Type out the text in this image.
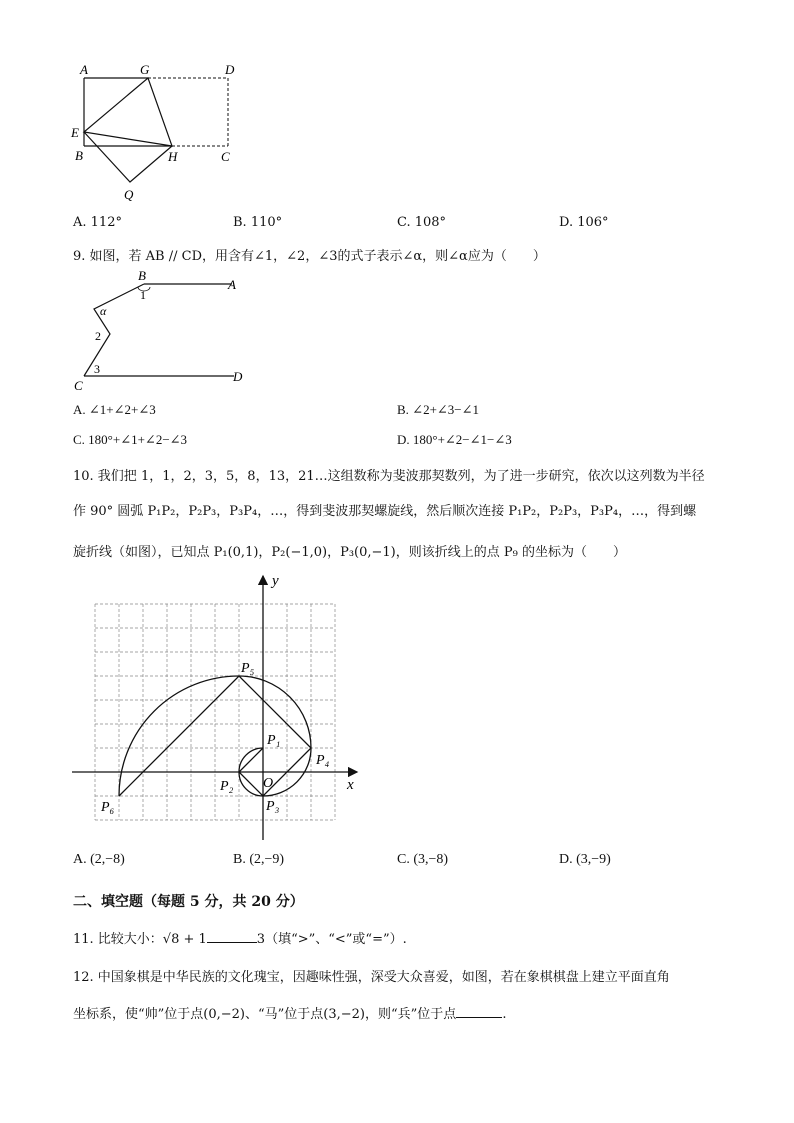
A	G	D
E
B	H	C
Q
A. 112°	B. 110°	C. 108°	D. 106°
9. 如图，若 AB // CD，用含有∠1，∠2，∠3的式子表示∠α，则∠α应为（　　）
B
A
1
α
2
3
C
D
A. ∠1+∠2+∠3	B. ∠2+∠3−∠1
C. 180°+∠1+∠2−∠3	D. 180°+∠2−∠1−∠3
10. 我们把 1，1，2，3，5，8，13，21…这组数称为斐波那契数列，为了进一步研究，依次以这列数为半径
作 90° 圆弧 P₁P₂，P₂P₃，P₃P₄，…，得到斐波那契螺旋线，然后顺次连接 P₁P₂，P₂P₃，P₃P₄，…，得到螺
旋折线（如图），已知点 P₁(0,1)，P₂(−1,0)，P₃(0,−1)，则该折线上的点 P₉ 的坐标为（　　）
x
y
O
P₁
P₂
P₃
P₄
P₅
P₆
A. (2,−8)	B. (2,−9)	C. (3,−8)	D. (3,−9)
二、填空题（每题 5 分，共 20 分）
11. 比较大小：√8 + 1	3（填“>”、“<”或“=”）.
12. 中国象棋是中华民族的文化瑰宝，因趣味性强，深受大众喜爱，如图，若在象棋棋盘上建立平面直角
坐标系，使“帅”位于点(0,−2)、“马”位于点(3,−2)，则“兵”位于点	.
